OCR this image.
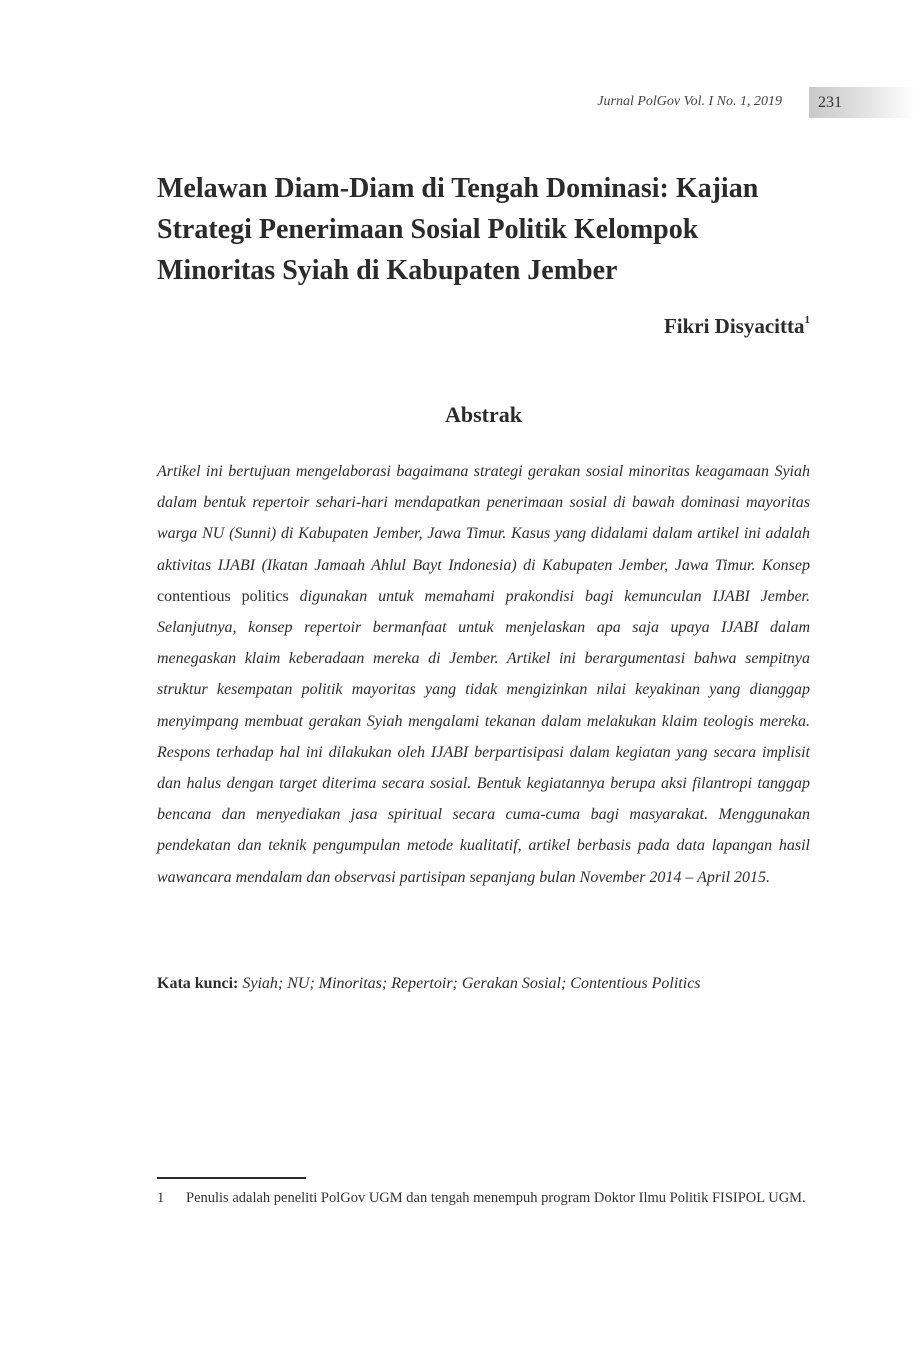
Jurnal PolGov Vol. I No. 1, 2019 231
Melawan Diam-Diam di Tengah Dominasi: Kajian Strategi Penerimaan Sosial Politik Kelompok Minoritas Syiah di Kabupaten Jember
Fikri Disyacitta$^1$
Abstrak

Artikel ini bertujuan mengelaborasi bagaimana strategi gerakan sosial minoritas keagamaan Syiah dalam bentuk repertoir sehari-hari mendapatkan penerimaan sosial di bawah dominasi mayoritas warga NU (Sunni) di Kabupaten Jember, Jawa Timur. Kasus yang didalami dalam artikel ini adalah aktivitas IJABI (Ikatan Jamaah Ahlul Bayt Indonesia) di Kabupaten Jember, Jawa Timur. Konsep contentious politics digunakan untuk memahami prakondisi bagi kemunculan IJABI Jember. Selanjutnya, konsep repertoir bermanfaat untuk menjelaskan apa saja upaya IJABI dalam menegaskan klaim keberadaan mereka di Jember. Artikel ini berargumentasi bahwa sempitnya struktur kesempatan politik mayoritas yang tidak mengizinkan nilai keyakinan yang dianggap menyimpang membuat gerakan Syiah mengalami tekanan dalam melakukan klaim teologis mereka. Respons terhadap hal ini dilakukan oleh IJABI berpartisipasi dalam kegiatan yang secara implisit dan halus dengan target diterima secara sosial. Bentuk kegiatannya berupa aksi filantropi tanggap bencana dan menyediakan jasa spiritual secara cuma-cuma bagi masyarakat. Menggunakan pendekatan dan teknik pengumpulan metode kualitatif, artikel berbasis pada data lapangan hasil wawancara mendalam dan observasi partisipan sepanjang bulan November 2014 – April 2015.

Kata kunci: Syiah; NU; Minoritas; Repertoir; Gerakan Sosial; Contentious Politics
1	Penulis adalah peneliti PolGov UGM dan tengah menempuh program Doktor Ilmu Politik FISIPOL UGM.
